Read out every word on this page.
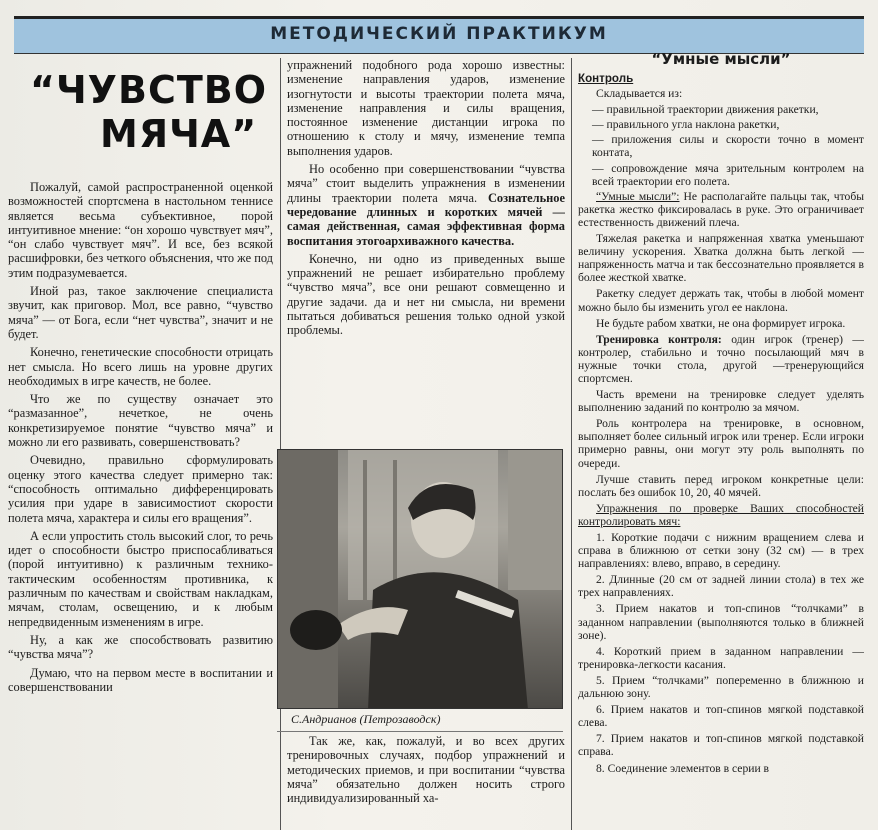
МЕТОДИЧЕСКИЙ ПРАКТИКУМ
“ЧУВСТВО
МЯЧА”

Пожалуй, самой распространенной оценкой возможностей спортсмена в настольном теннисе является весьма субъективное, порой интуитивное мнение: “он хорошо чувствует мяч”, “он слабо чувствует мяч”. И все, без всякой расшифровки, без четкого объяснения, что же под этим подразумевается.

Иной раз, такое заключение специалиста звучит, как приговор. Мол, все равно, “чувство мяча” — от Бога, если “нет чувства”, значит и не будет.

Конечно, генетические способности отрицать нет смысла. Но всего лишь на уровне других необходимых в игре качеств, не более.

Что же по существу означает это “размазанное”, нечеткое, не очень конкретизируемое понятие “чувство мяча” и можно ли его развивать, совершенствовать?

Очевидно, правильно сформулировать оценку этого качества следует примерно так: “способность оптимально дифференцировать усилия при ударе в зависимостиот скорости полета мяча, характера и силы его вращения”.

А если упростить столь высокий слог, то речь идет о способности быстро приспосабливаться (порой интуитивно) к различным технико-тактическим особенностям противника, к различным по качествам и свойствам накладкам, мячам, столам, освещению, и к любым непредвиденным изменениям в игре.

Ну, а как же способствовать развитию “чувства мяча”?

Думаю, что на первом месте в воспитании и совершенствовании

упражнений подобного рода хорошо известны: изменение направления ударов, изменение изогнутости и высоты траектории полета мяча, изменение направления и силы вращения, постоянное изменение дистанции игрока по отношению к столу и мячу, изменение темпа выполнения ударов.

Но особенно при совершенствовании “чувства мяча” стоит выделить упражнения в изменении длины траектории полета мяча. Сознательное чередование длинных и коротких мячей — самая действенная, самая эффективная форма воспитания этогоархиважного качества.

Конечно, ни одно из приведенных выше упражнений не решает избирательно проблему “чувство мяча”, все они решают совмещенно и другие задачи. да и нет ни смысла, ни времени пытаться добиваться решения только одной узкой проблемы.

С.Андрианов (Петрозаводск)

Так же, как, пожалуй, и во всех других тренировочных случаях, подбор упражнений и методических приемов, и при воспитании “чувства мяча” обязательно должен носить строго индивидуализированный ха-

“Умные мысли”
Контроль

Складывается из:

— правильной траектории движения ракетки,

— правильного угла наклона ракетки,

— приложения силы и скорости точно в момент контата,

— сопровождение мяча зрительным контролем на всей траектории его полета.

“Умные мысли”: Не располагайте пальцы так, чтобы ракетка жестко фиксировалась в руке. Это ограничивает естественность движений плеча.

Тяжелая ракетка и напряженная хватка уменьшают величину ускорения. Хватка должна быть легкой — напряженность матча и так бессознательно проявляется в более жесткой хватке.

Ракетку следует держать так, чтобы в любой момент можно было бы изменить угол ее наклона.

Не будьте рабом хватки, не она формирует игрока.

Тренировка контроля: один игрок (тренер) — контролер, стабильно и точно посылающий мяч в нужные точки стола, другой —тренерующийся спортсмен.

Часть времени на тренировке следует уделять выполнению заданий по контролю за мячом.

Роль контролера на тренировке, в основном, выполняет более сильный игрок или тренер. Если игроки примерно равны, они могут эту роль выполнять по очереди.

Лучше ставить перед игроком конкретные цели: послать без ошибок 10, 20, 40 мячей.

Упражнения по проверке Ваших способностей контролировать мяч:

1. Короткие подачи с нижним вращением слева и справа в ближнюю от сетки зону (32 см) — в трех направлениях: влево, вправо, в середину.

2. Длинные (20 см от задней линии стола) в тех же трех направлениях.

3. Прием накатов и топ-спинов “толчками” в заданном направлении (выполняются только в ближней зоне).

4. Короткий прием в заданном направлении — тренировка-легкости касания.

5. Прием “толчками” попеременно в ближнюю и дальнюю зону.

6. Прием накатов и топ-спинов мягкой подставкой слева.

7. Прием накатов и топ-спинов мягкой подставкой справа.

8. Соединение элементов в серии в
